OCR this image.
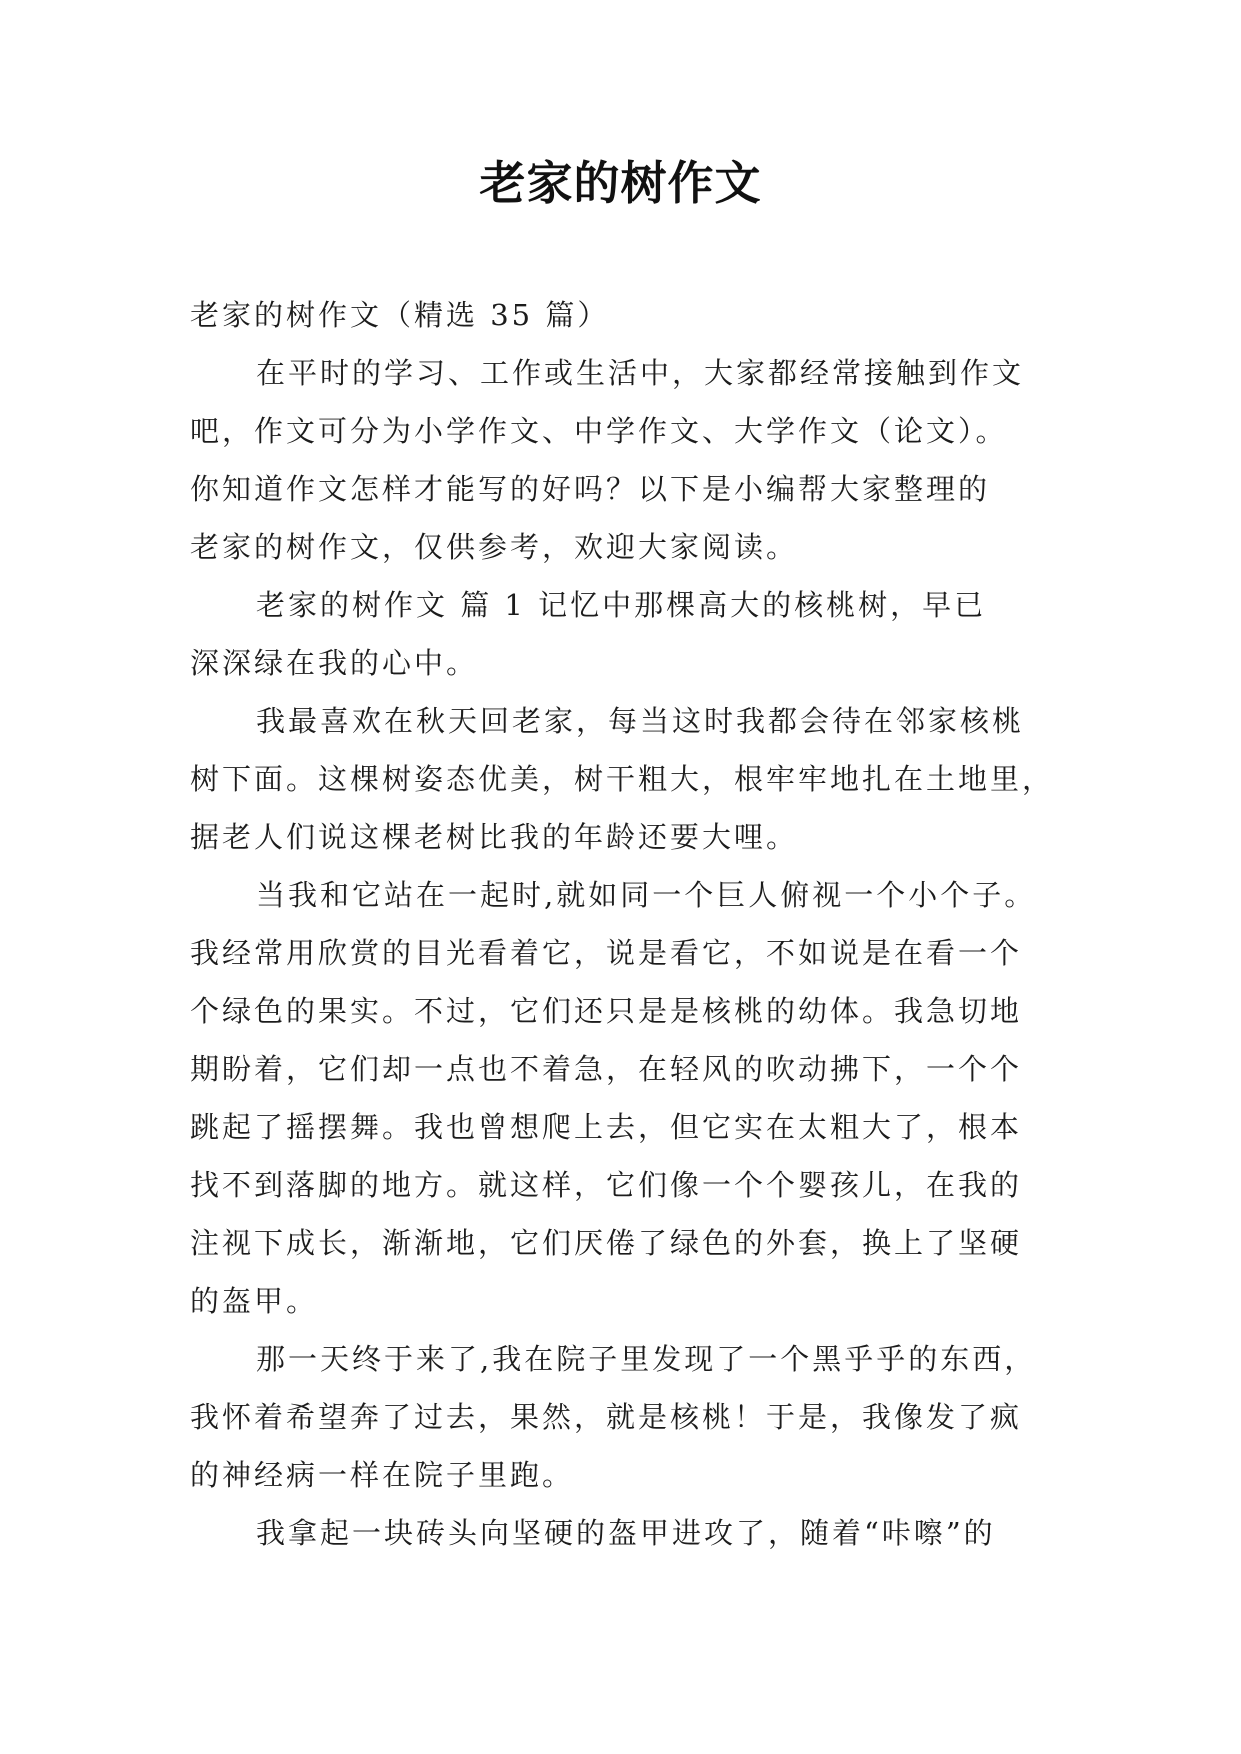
老家的树作文
老家的树作文（精选 35 篇）
在平时的学习、工作或生活中，大家都经常接触到作文
吧，作文可分为小学作文、中学作文、大学作文（论文）。
你知道作文怎样才能写的好吗？以下是小编帮大家整理的
老家的树作文，仅供参考，欢迎大家阅读。
老家的树作文 篇 1 记忆中那棵高大的核桃树，早已
深深绿在我的心中。
我最喜欢在秋天回老家，每当这时我都会待在邻家核桃
树下面。这棵树姿态优美，树干粗大，根牢牢地扎在土地里，
据老人们说这棵老树比我的年龄还要大哩。
当我和它站在一起时,就如同一个巨人俯视一个小个子。
我经常用欣赏的目光看着它，说是看它，不如说是在看一个
个绿色的果实。不过，它们还只是是核桃的幼体。我急切地
期盼着，它们却一点也不着急，在轻风的吹动拂下，一个个
跳起了摇摆舞。我也曾想爬上去，但它实在太粗大了，根本
找不到落脚的地方。就这样，它们像一个个婴孩儿，在我的
注视下成长，渐渐地，它们厌倦了绿色的外套，换上了坚硬
的盔甲。
那一天终于来了,我在院子里发现了一个黑乎乎的东西，
我怀着希望奔了过去，果然，就是核桃！于是，我像发了疯
的神经病一样在院子里跑。
我拿起一块砖头向坚硬的盔甲进攻了，随着“咔嚓”的
